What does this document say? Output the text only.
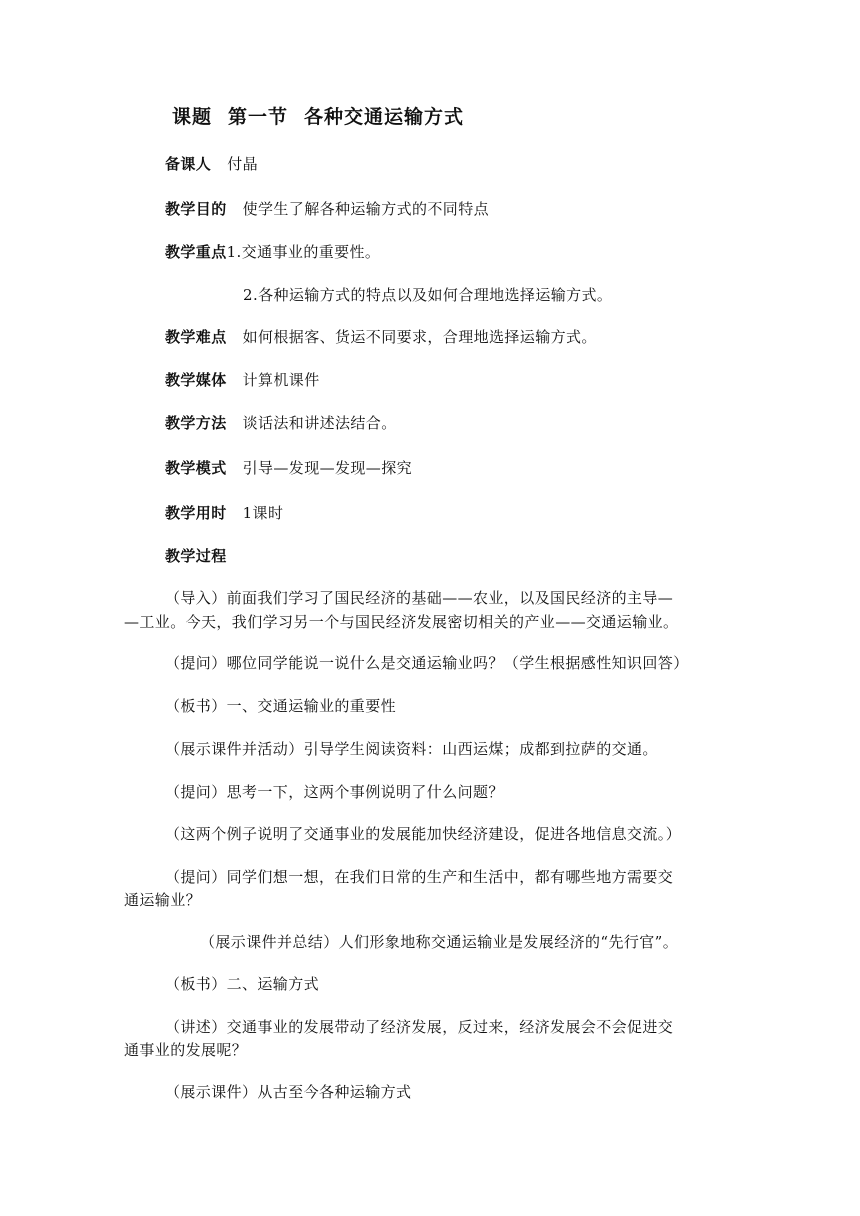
课题 第一节 各种交通运输方式
备课人 付晶
教学目的 使学生了解各种运输方式的不同特点
教学重点1.交通事业的重要性。
2.各种运输方式的特点以及如何合理地选择运输方式。
教学难点 如何根据客、货运不同要求，合理地选择运输方式。
教学媒体 计算机课件
教学方法 谈话法和讲述法结合。
教学模式 引导—发现—发现—探究
教学用时 1课时
教学过程
（导入）前面我们学习了国民经济的基础——农业，以及国民经济的主导—
—工业。今天，我们学习另一个与国民经济发展密切相关的产业——交通运输业。
（提问）哪位同学能说一说什么是交通运输业吗？（学生根据感性知识回答）
（板书）一、交通运输业的重要性
（展示课件并活动）引导学生阅读资料：山西运煤；成都到拉萨的交通。
（提问）思考一下，这两个事例说明了什么问题？
（这两个例子说明了交通事业的发展能加快经济建设，促进各地信息交流。）
（提问）同学们想一想，在我们日常的生产和生活中，都有哪些地方需要交
通运输业？
（展示课件并总结）人们形象地称交通运输业是发展经济的“先行官”。
（板书）二、运输方式
（讲述）交通事业的发展带动了经济发展，反过来，经济发展会不会促进交
通事业的发展呢？
（展示课件）从古至今各种运输方式
